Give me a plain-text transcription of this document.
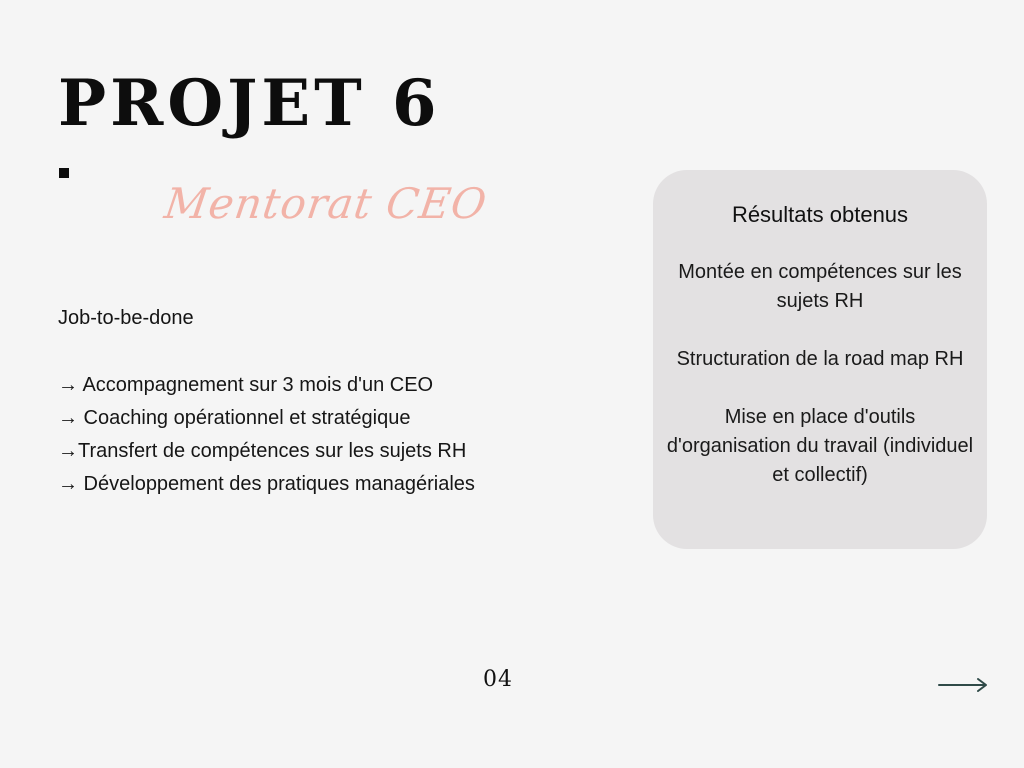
PROJET 6
Mentorat CEO
Job-to-be-done
→ Accompagnement sur 3 mois d'un CEO
→ Coaching opérationnel et stratégique
→Transfert de compétences sur les sujets RH
→ Développement des pratiques managériales
Résultats obtenus

Montée en compétences sur les sujets RH

Structuration de la road map RH

Mise en place d'outils d'organisation du travail (individuel et collectif)

04
